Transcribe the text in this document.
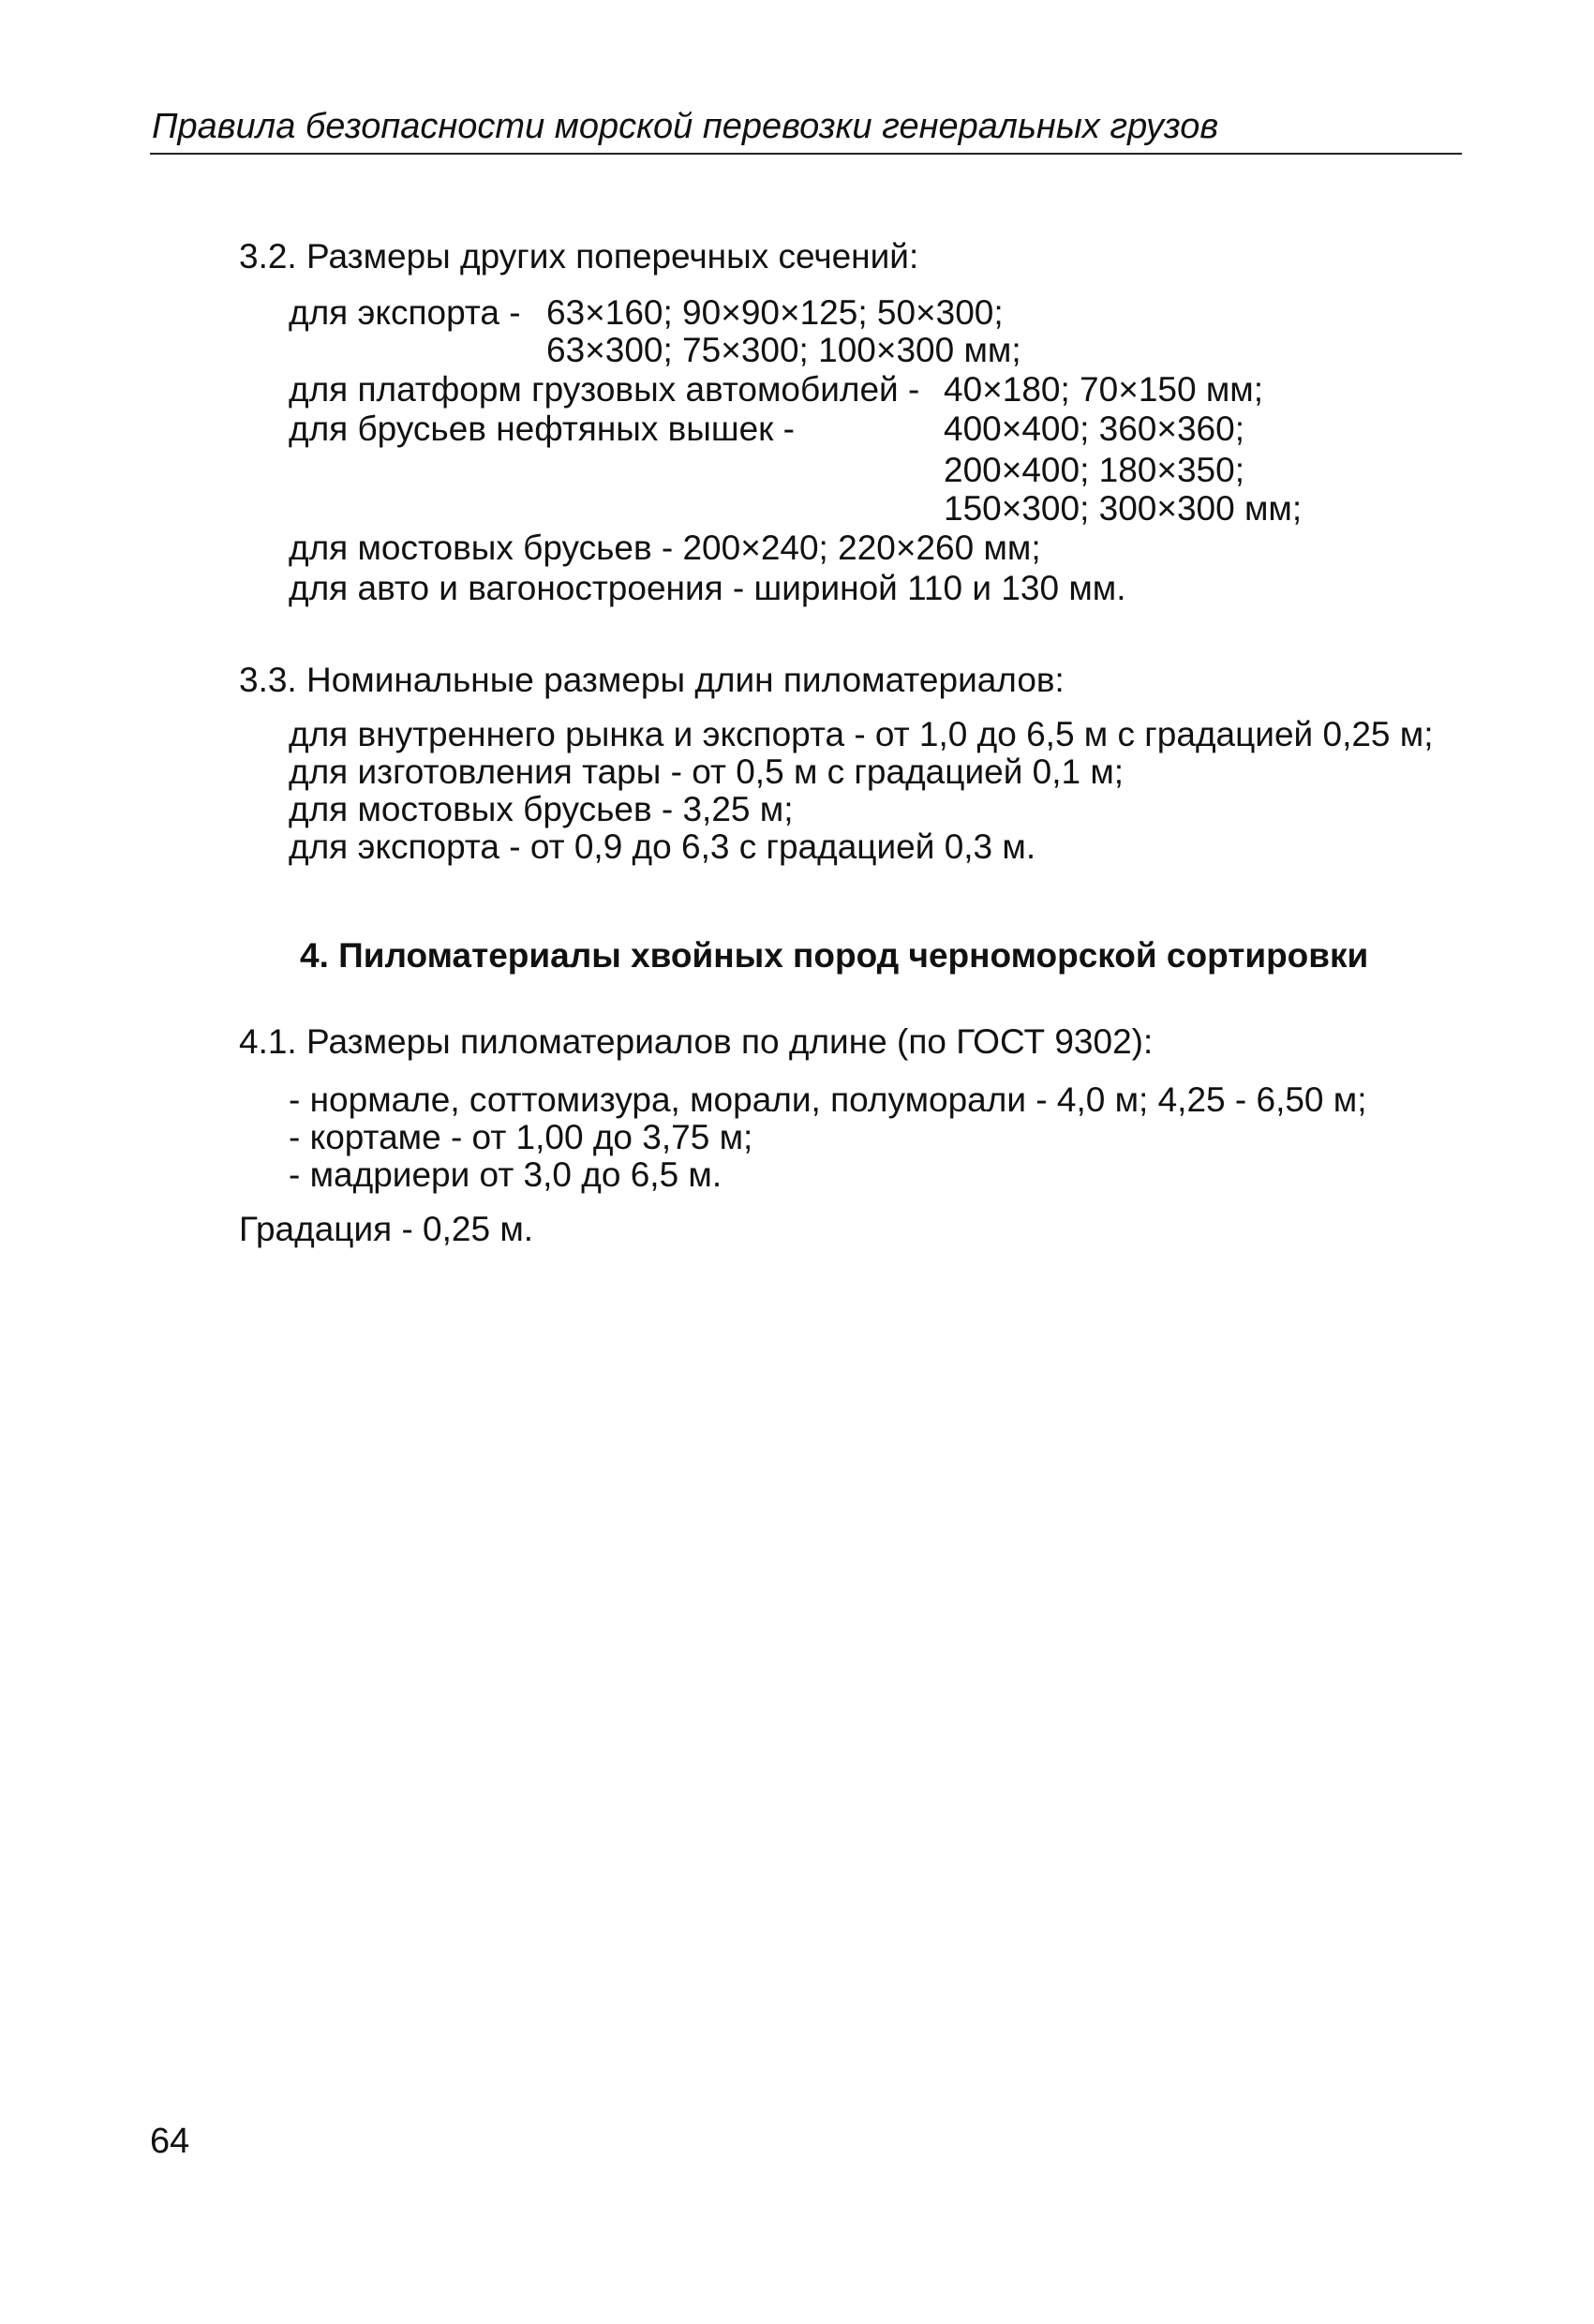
Правила безопасности морской перевозки генеральных грузов
3.2. Размеры других поперечных сечений:
для экспорта - 63×160; 90×90×125; 50×300;
63×300; 75×300; 100×300 мм;
для платформ грузовых автомобилей - 40×180; 70×150 мм;
для брусьев нефтяных вышек -	400×400; 360×360;
200×400; 180×350;
150×300; 300×300 мм;
для мостовых брусьев - 200×240; 220×260 мм;
для авто и вагоностроения - шириной 110 и 130 мм.
3.3. Номинальные размеры длин пиломатериалов:
для внутреннего рынка и экспорта - от 1,0 до 6,5 м с градацией 0,25 м;
для изготовления тары - от 0,5 м с градацией 0,1 м;
для мостовых брусьев - 3,25 м;
для экспорта - от 0,9 до 6,3 с градацией 0,3 м.
4. Пиломатериалы хвойных пород черноморской сортировки
4.1. Размеры пиломатериалов по длине (по ГОСТ 9302):
- нормале, соттомизура, морали, полуморали - 4,0 м; 4,25 - 6,50 м;
- кортаме - от 1,00 до 3,75 м;
- мадриери от 3,0 до 6,5 м.
Градация - 0,25 м.
64
